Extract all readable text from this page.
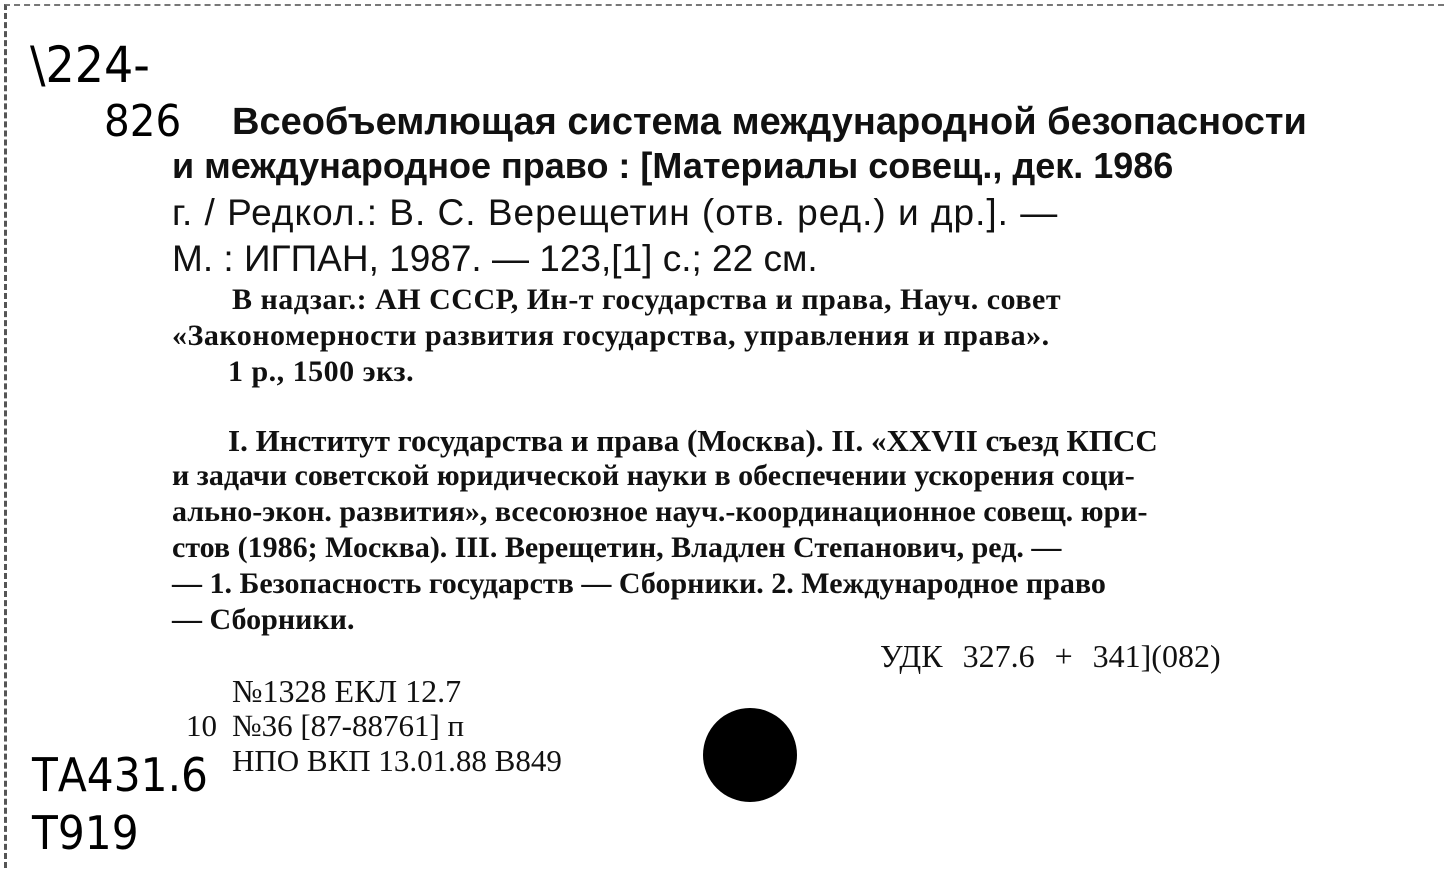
\224-
826 Всеобъемлющая система международной безопасности
и международное право : [Материалы совещ., дек. 1986
г. / Редкол.: В. С. Верещетин (отв. ред.) и др.]. —
М. : ИГПАН, 1987. — 123,[1] с.; 22 см.
В надзаг.: АН СССР, Ин-т государства и права, Науч. совет
«Закономерности развития государства, управления и права».
1 р., 1500 экз.
I. Институт государства и права (Москва). II. «XXVII съезд КПСС
и задачи советской юридической науки в обеспечении ускорения соци-
ально-экон. развития», всесоюзное науч.-координационное совещ. юри-
стов (1986; Москва). III. Верещетин, Владлен Степанович, ред. —
— 1. Безопасность государств — Сборники. 2. Международное право
— Сборники.
УДК 327.6 + 341](082)
№1328 ЕКЛ 12.7
10 №36 [87-88761] п
НПО ВКП 13.01.88 В849
ТА431.6
Т919
